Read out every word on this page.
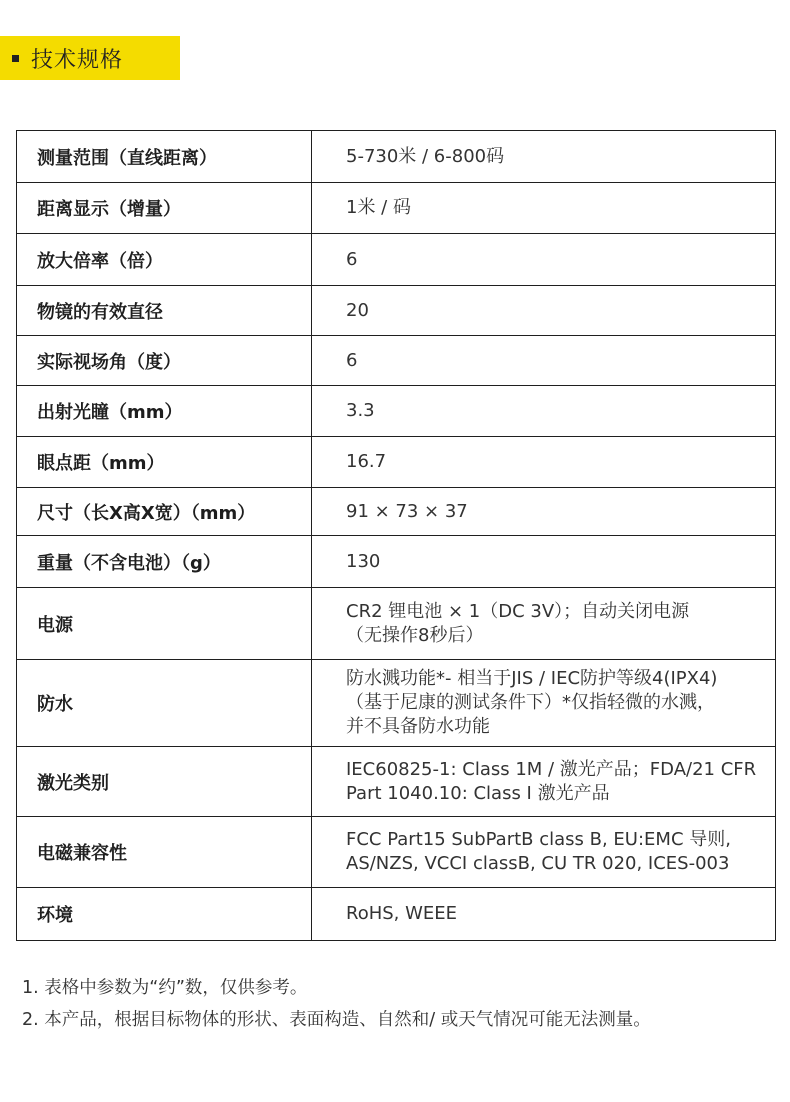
技术规格
测量范围（直线距离）	5-730米 / 6-800码

距离显示（增量）	1米 / 码

放大倍率（倍）	6

物镜的有效直径	20

实际视场角（度）	6

出射光瞳（mm）	3.3

眼点距（mm）	16.7

尺寸（长X高X宽）（mm）	91 × 73 × 37

重量（不含电池）（g）	130

电源	CR2 锂电池 × 1（DC 3V）；自动关闭电源
（无操作8秒后）

防水	防水溅功能*- 相当于JIS / IEC防护等级4(IPX4)
（基于尼康的测试条件下）*仅指轻微的水溅，
并不具备防水功能

激光类别	IEC60825-1: Class 1M / 激光产品；FDA/21 CFR
Part 1040.10: Class I 激光产品

电磁兼容性	FCC Part15 SubPartB class B, EU:EMC 导则,
AS/NZS, VCCI classB, CU TR 020, ICES-003

环境	RoHS, WEEE
1. 表格中参数为“约”数，仅供参考。
2. 本产品，根据目标物体的形状、表面构造、自然和/ 或天气情况可能无法测量。
